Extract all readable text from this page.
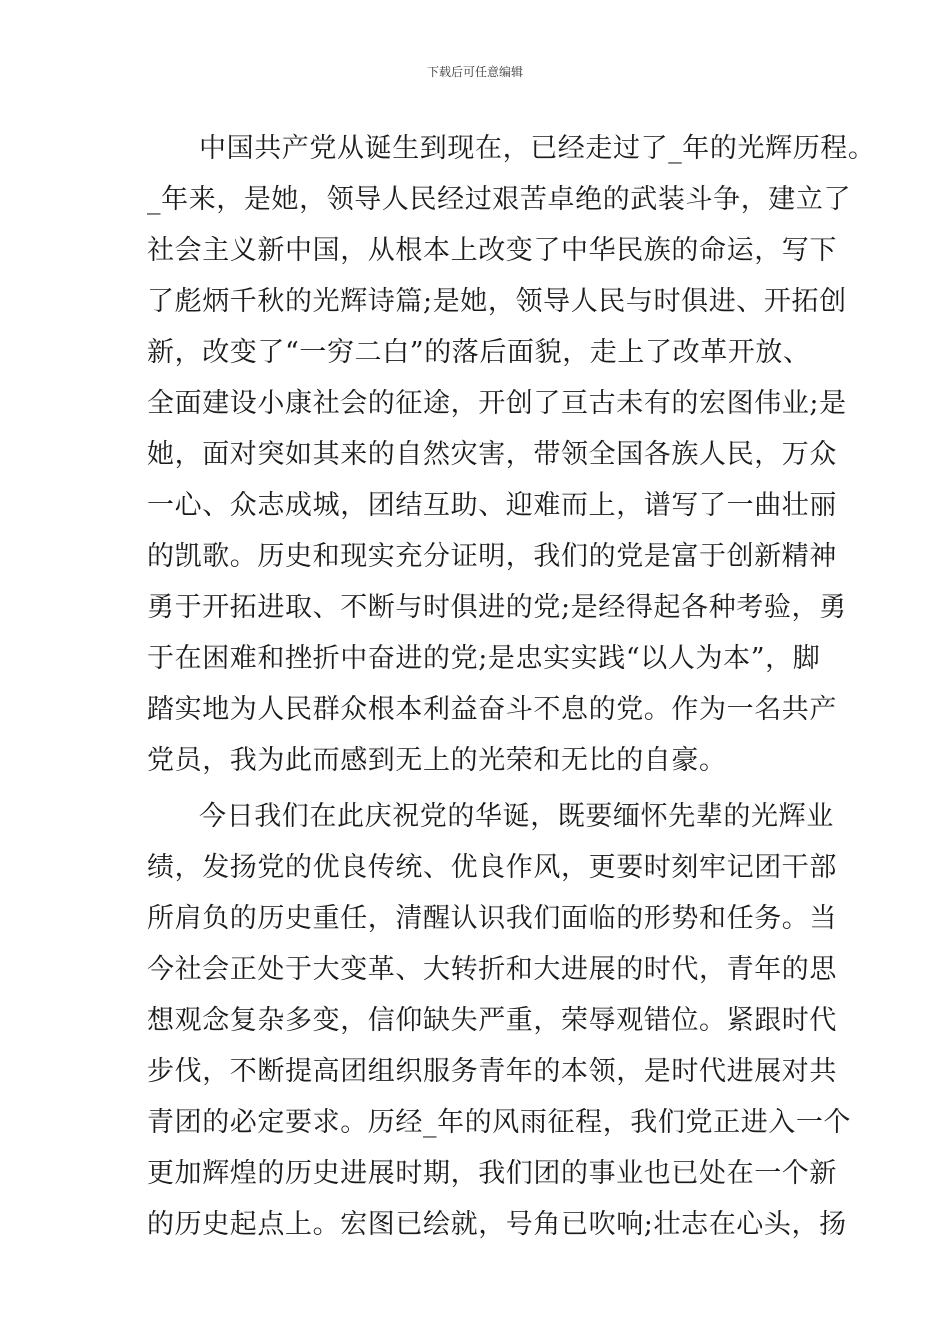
下载后可任意编辑
中国共产党从诞生到现在，已经走过了_年的光辉历程。
_年来，是她，领导人民经过艰苦卓绝的武装斗争，建立了
社会主义新中国，从根本上改变了中华民族的命运，写下
了彪炳千秋的光辉诗篇;是她，领导人民与时俱进、开拓创
新，改变了“一穷二白”的落后面貌，走上了改革开放、
全面建设小康社会的征途，开创了亘古未有的宏图伟业;是
她，面对突如其来的自然灾害，带领全国各族人民，万众
一心、众志成城，团结互助、迎难而上，谱写了一曲壮丽
的凯歌。历史和现实充分证明，我们的党是富于创新精神
勇于开拓进取、不断与时俱进的党;是经得起各种考验，勇
于在困难和挫折中奋进的党;是忠实实践“以人为本”，脚
踏实地为人民群众根本利益奋斗不息的党。作为一名共产
党员，我为此而感到无上的光荣和无比的自豪。
今日我们在此庆祝党的华诞，既要缅怀先辈的光辉业
绩，发扬党的优良传统、优良作风，更要时刻牢记团干部
所肩负的历史重任，清醒认识我们面临的形势和任务。当
今社会正处于大变革、大转折和大进展的时代，青年的思
想观念复杂多变，信仰缺失严重，荣辱观错位。紧跟时代
步伐，不断提高团组织服务青年的本领，是时代进展对共
青团的必定要求。历经_年的风雨征程，我们党正进入一个
更加辉煌的历史进展时期，我们团的事业也已处在一个新
的历史起点上。宏图已绘就，号角已吹响;壮志在心头，扬
